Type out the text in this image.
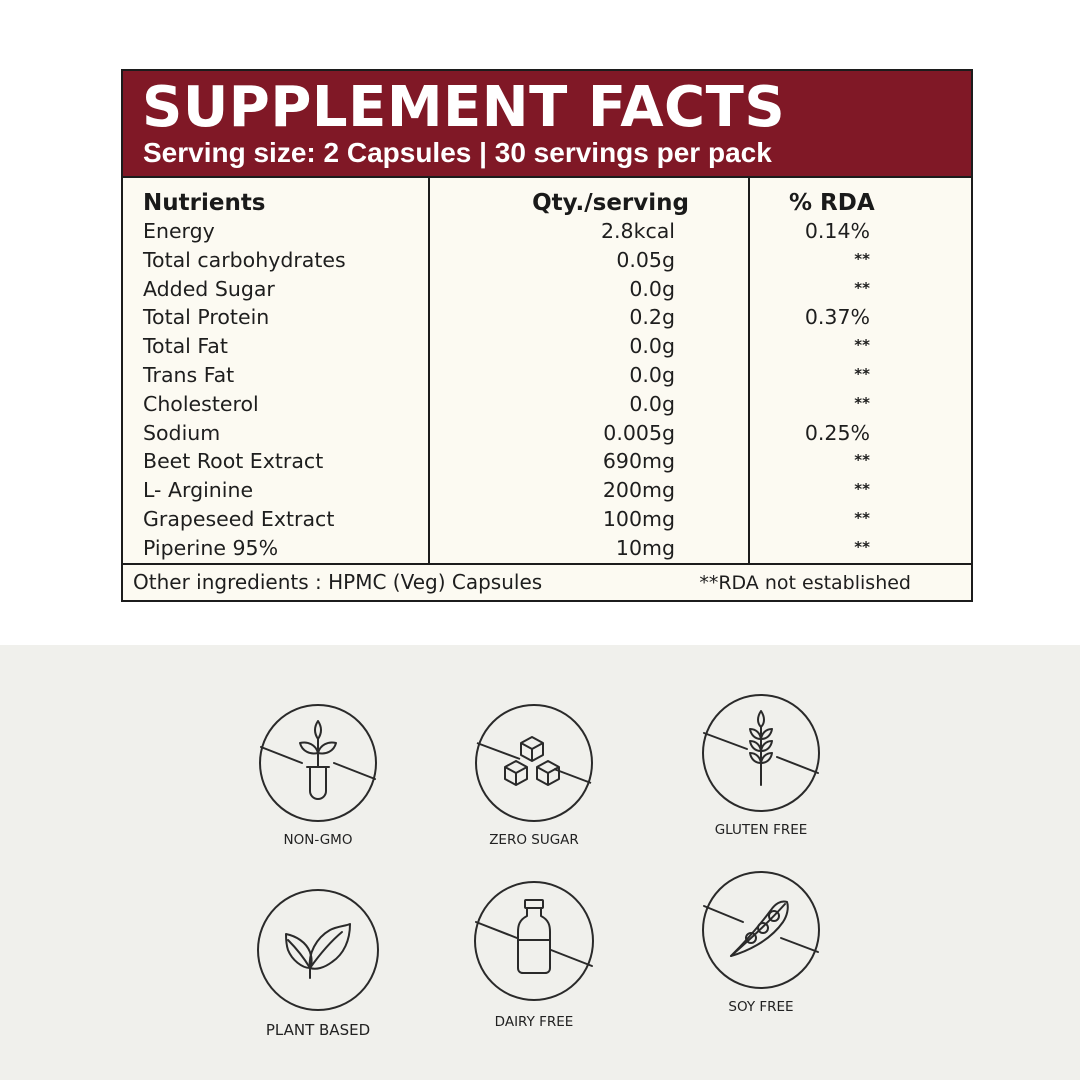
SUPPLEMENT FACTS
Serving size: 2 Capsules | 30 servings per pack
Nutrients	Qty./serving	% RDA
Energy	2.8kcal	0.14%
Total carbohydrates	0.05g	**
Added Sugar	0.0g	**
Total Protein	0.2g	0.37%
Total Fat	0.0g	**
Trans Fat	0.0g	**
Cholesterol	0.0g	**
Sodium	0.005g	0.25%
Beet Root Extract	690mg	**
L- Arginine	200mg	**
Grapeseed Extract	100mg	**
Piperine 95%	10mg	**
Other ingredients : HPMC (Veg) Capsules	**RDA not established
NON-GMO	ZERO SUGAR
GLUTEN FREE
PLANT BASED	DAIRY FREE
SOY FREE
